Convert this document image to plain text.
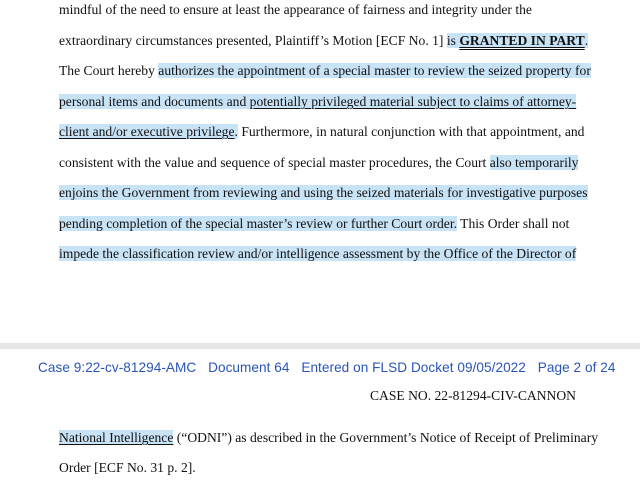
mindful of the need to ensure at least the appearance of fairness and integrity under the
extraordinary circumstances presented, Plaintiff’s Motion [ECF No. 1] is GRANTED IN PART.
The Court hereby authorizes the appointment of a special master to review the seized property for
personal items and documents and potentially privileged material subject to claims of attorney-
client and/or executive privilege. Furthermore, in natural conjunction with that appointment, and
consistent with the value and sequence of special master procedures, the Court also temporarily
enjoins the Government from reviewing and using the seized materials for investigative purposes
pending completion of the special master’s review or further Court order. This Order shall not
impede the classification review and/or intelligence assessment by the Office of the Director of
Case 9:22-cv-81294-AMC Document 64 Entered on FLSD Docket 09/05/2022 Page 2 of 24
CASE NO. 22-81294-CIV-CANNON
National Intelligence (“ODNI”) as described in the Government’s Notice of Receipt of Preliminary
Order [ECF No. 31 p. 2].
